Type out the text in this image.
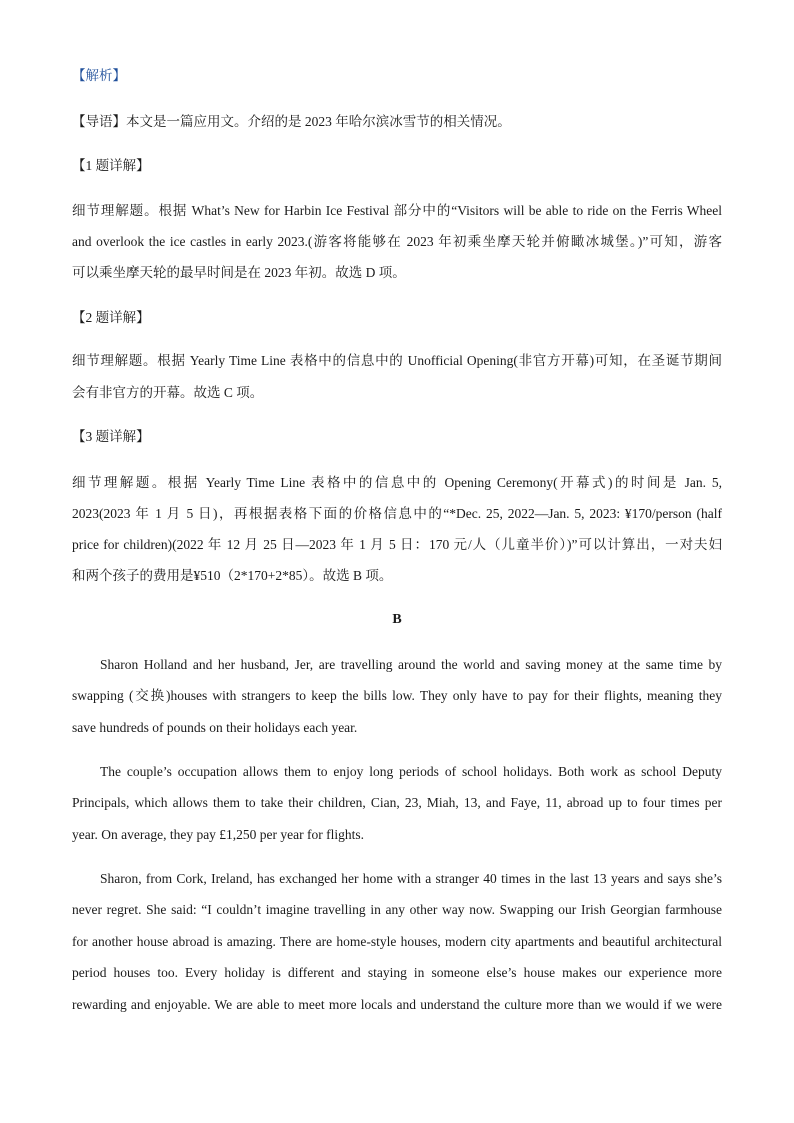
【解析】
【导语】本文是一篇应用文。介绍的是 2023 年哈尔滨冰雪节的相关情况。
【1 题详解】
细节理解题。根据 What’s New for Harbin Ice Festival 部分中的“Visitors will be able to ride on the Ferris Wheel
and overlook the ice castles in early 2023.(游客将能够在 2023 年初乘坐摩天轮并俯瞰冰城堡。)”可知，游客
可以乘坐摩天轮的最早时间是在 2023 年初。故选 D 项。
【2 题详解】
细节理解题。根据 Yearly Time Line 表格中的信息中的 Unofficial Opening(非官方开幕)可知，在圣诞节期间
会有非官方的开幕。故选 C 项。
【3 题详解】
细节理解题。根据 Yearly Time Line 表格中的信息中的 Opening Ceremony(开幕式)的时间是 Jan. 5,
2023(2023 年 1 月 5 日)，再根据表格下面的价格信息中的“*Dec. 25, 2022—Jan. 5, 2023: ¥170/person (half
price for children)(2022 年 12 月 25 日—2023 年 1 月 5 日：170 元/人（儿童半价）)”可以计算出，一对夫妇
和两个孩子的费用是¥510（2*170+2*85）。故选 B 项。
B
Sharon Holland and her husband, Jer, are travelling around the world and saving money at the same time by
swapping (交换)houses with strangers to keep the bills low. They only have to pay for their flights, meaning they
save hundreds of pounds on their holidays each year.
The couple’s occupation allows them to enjoy long periods of school holidays. Both work as school Deputy
Principals, which allows them to take their children, Cian, 23, Miah, 13, and Faye, 11, abroad up to four times per
year. On average, they pay £1,250 per year for flights.
Sharon, from Cork, Ireland, has exchanged her home with a stranger 40 times in the last 13 years and says she’s
never regret. She said: “I couldn’t imagine travelling in any other way now. Swapping our Irish Georgian farmhouse
for another house abroad is amazing. There are home-style houses, modern city apartments and beautiful architectural
period houses too. Every holiday is different and staying in someone else’s house makes our experience more
rewarding and enjoyable. We are able to meet more locals and understand the culture more than we would if we were
